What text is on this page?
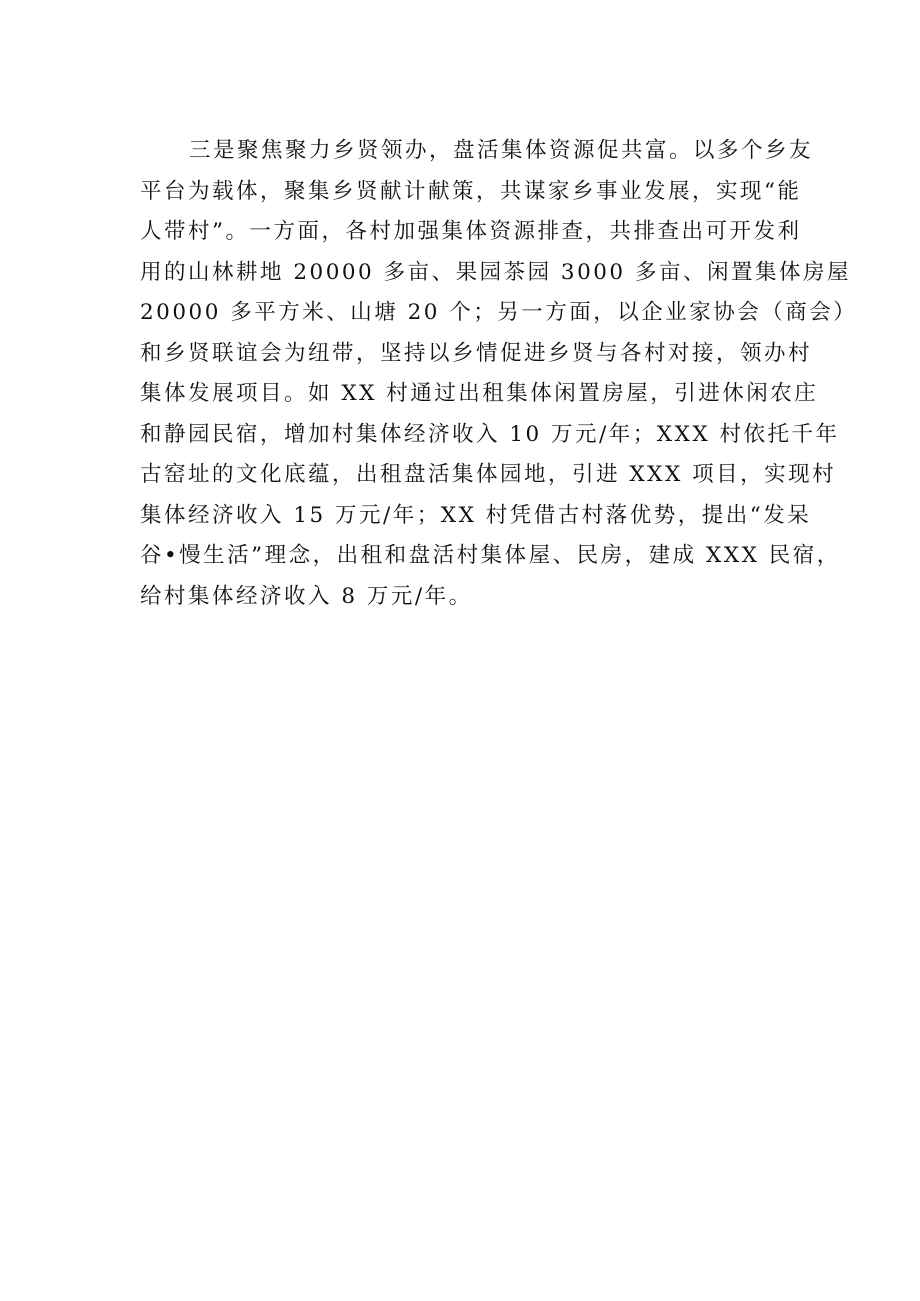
三是聚焦聚力乡贤领办，盘活集体资源促共富。以多个乡友
平台为载体，聚集乡贤献计献策，共谋家乡事业发展，实现“能
人带村”。一方面，各村加强集体资源排查，共排查出可开发利
用的山林耕地 20000 多亩、果园茶园 3000 多亩、闲置集体房屋
20000 多平方米、山塘 20 个；另一方面，以企业家协会（商会）
和乡贤联谊会为纽带，坚持以乡情促进乡贤与各村对接，领办村
集体发展项目。如 XX 村通过出租集体闲置房屋，引进休闲农庄
和静园民宿，增加村集体经济收入 10 万元/年；XXX 村依托千年
古窑址的文化底蕴，出租盘活集体园地，引进 XXX 项目，实现村
集体经济收入 15 万元/年；XX 村凭借古村落优势，提出“发呆
谷•慢生活”理念，出租和盘活村集体屋、民房，建成 XXX 民宿，
给村集体经济收入 8 万元/年。
